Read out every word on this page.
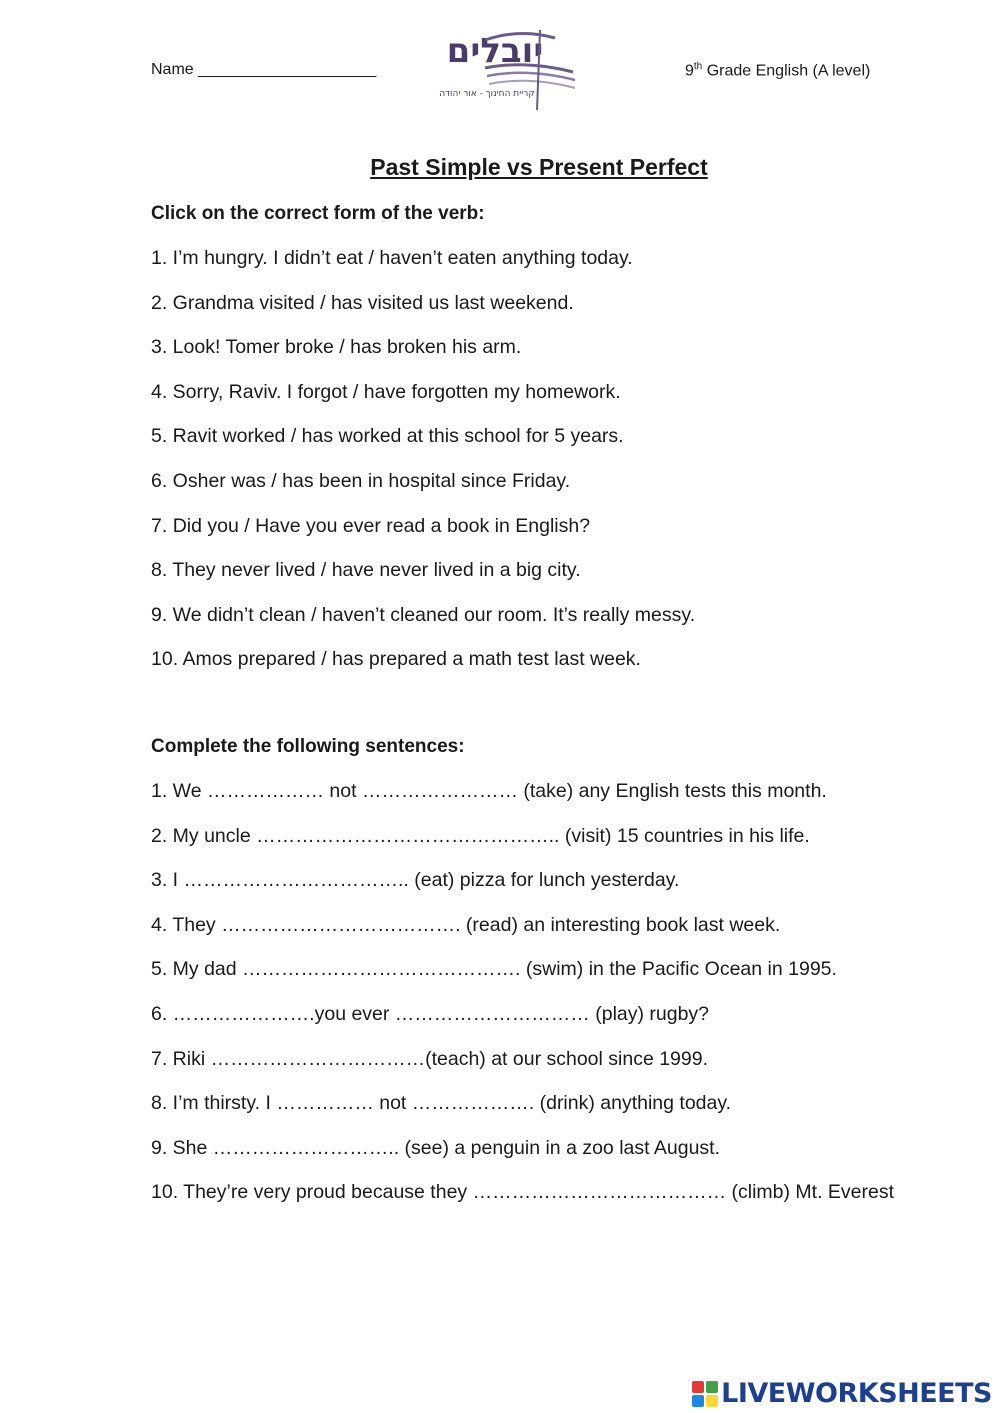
Name ____________________ יובלים
קריית החינוך - אור יהודה
9th Grade English (A level)
Past Simple vs Present Perfect
Click on the correct form of the verb:
1. I’m hungry. I didn’t eat / haven’t eaten anything today.
2. Grandma visited / has visited us last weekend.
3. Look! Tomer broke / has broken his arm.
4. Sorry, Raviv. I forgot / have forgotten my homework.
5. Ravit worked / has worked at this school for 5 years.
6. Osher was / has been in hospital since Friday.
7. Did you / Have you ever read a book in English?
8. They never lived / have never lived in a big city.
9. We didn’t clean / haven’t cleaned our room. It’s really messy.
10. Amos prepared / has prepared a math test last week.
Complete the following sentences:
1. We ……………… not …………………… (take) any English tests this month.
2. My uncle ……………………………………….. (visit) 15 countries in his life.
3. I …………………………….. (eat) pizza for lunch yesterday.
4. They ………………………………. (read) an interesting book last week.
5. My dad ……………………………………. (swim) in the Pacific Ocean in 1995.
6. ………………….you ever ………………………… (play) rugby?
7. Riki ……………………………(teach) at our school since 1999.
8. I’m thirsty. I …………… not ………………. (drink) anything today.
9. She ……………………….. (see) a penguin in a zoo last August.
10. They’re very proud because they ………………………………… (climb) Mt. Everest
LIVEWORKSHEETS
